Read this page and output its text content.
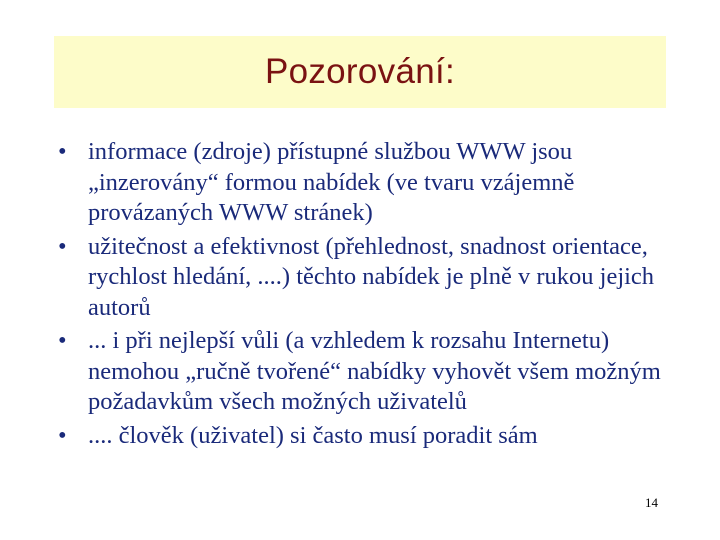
Pozorování:
• informace (zdroje) přístupné službou WWW jsou „inzerovány“ formou nabídek (ve tvaru vzájemně provázaných WWW stránek)
• užitečnost a efektivnost (přehlednost, snadnost orientace, rychlost hledání, ....) těchto nabídek je plně v rukou jejich autorů
• ... i při nejlepší vůli (a vzhledem k rozsahu Internetu) nemohou „ručně tvořené“ nabídky vyhovět všem možným požadavkům všech možných uživatelů
• .... člověk (uživatel) si často musí poradit sám
14
